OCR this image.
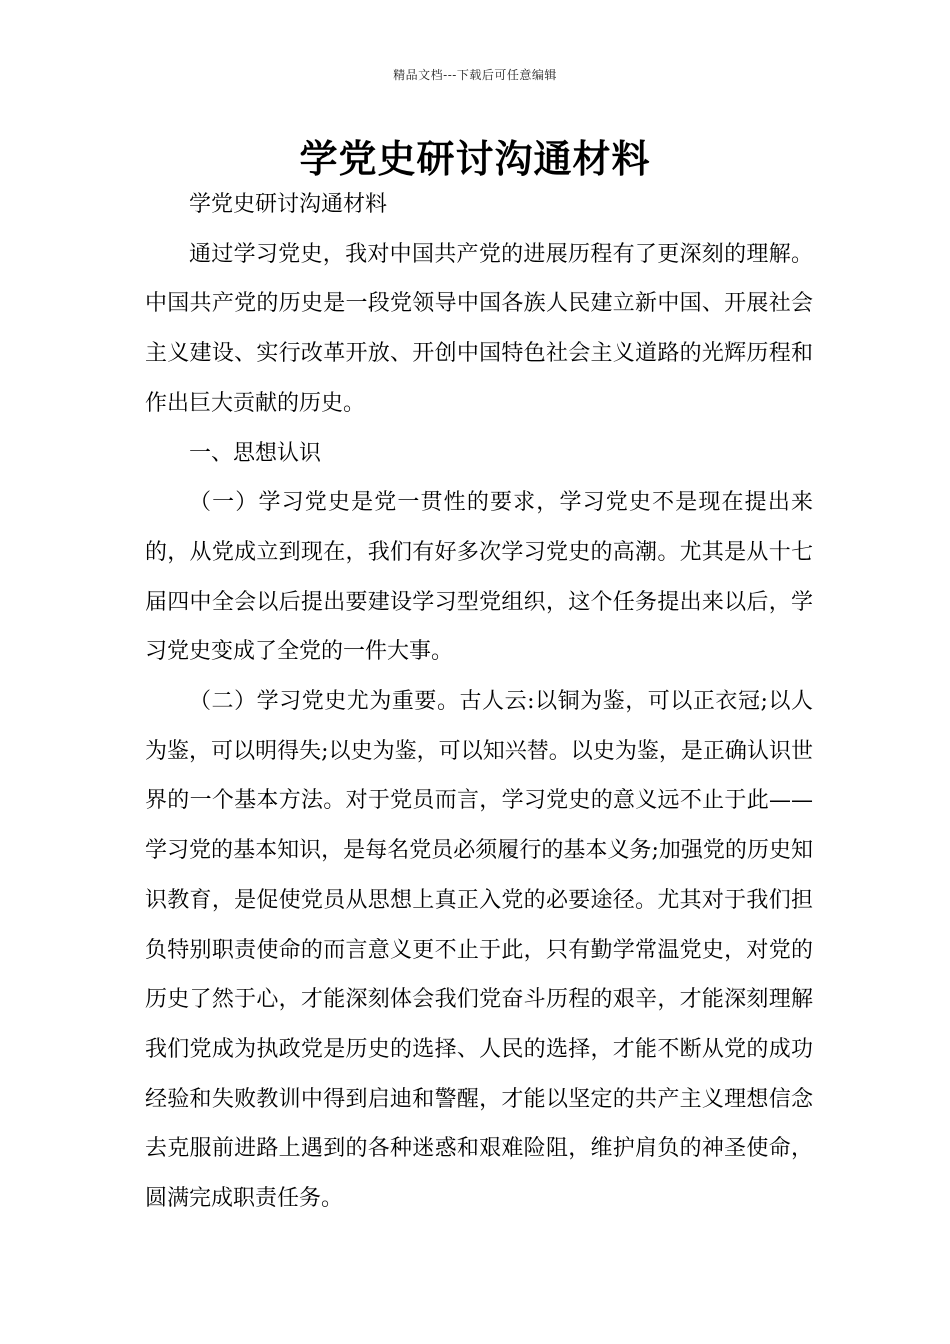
精品文档---下载后可任意编辑
学党史研讨沟通材料

学党史研讨沟通材料

通过学习党史，我对中国共产党的进展历程有了更深刻的理解。中国共产党的历史是一段党领导中国各族人民建立新中国、开展社会主义建设、实行改革开放、开创中国特色社会主义道路的光辉历程和作出巨大贡献的历史。

一、思想认识

（一）学习党史是党一贯性的要求，学习党史不是现在提出来的，从党成立到现在，我们有好多次学习党史的高潮。尤其是从十七届四中全会以后提出要建设学习型党组织，这个任务提出来以后，学习党史变成了全党的一件大事。

（二）学习党史尤为重要。古人云:以铜为鉴，可以正衣冠;以人为鉴，可以明得失;以史为鉴，可以知兴替。以史为鉴，是正确认识世界的一个基本方法。对于党员而言，学习党史的意义远不止于此——学习党的基本知识，是每名党员必须履行的基本义务;加强党的历史知识教育，是促使党员从思想上真正入党的必要途径。尤其对于我们担负特别职责使命的而言意义更不止于此，只有勤学常温党史，对党的历史了然于心，才能深刻体会我们党奋斗历程的艰辛，才能深刻理解我们党成为执政党是历史的选择、人民的选择，才能不断从党的成功经验和失败教训中得到启迪和警醒，才能以坚定的共产主义理想信念去克服前进路上遇到的各种迷惑和艰难险阻，维护肩负的神圣使命，圆满完成职责任务。
